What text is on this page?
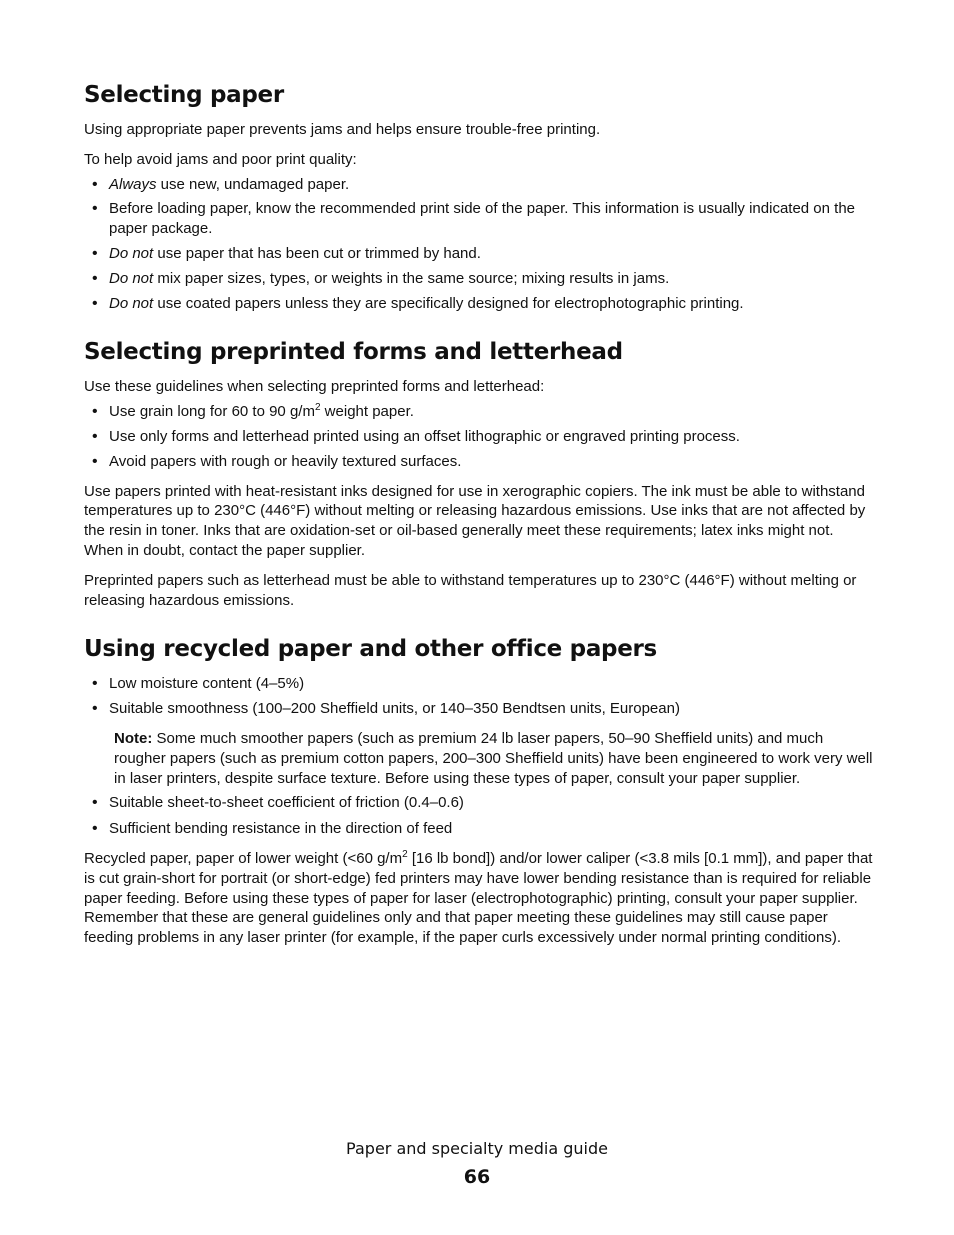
Selecting paper

Using appropriate paper prevents jams and helps ensure trouble-free printing.

To help avoid jams and poor print quality:

• Always use new, undamaged paper.
• Before loading paper, know the recommended print side of the paper. This information is usually indicated on the paper package.
• Do not use paper that has been cut or trimmed by hand.
• Do not mix paper sizes, types, or weights in the same source; mixing results in jams.
• Do not use coated papers unless they are specifically designed for electrophotographic printing.
Selecting preprinted forms and letterhead

Use these guidelines when selecting preprinted forms and letterhead:

• Use grain long for 60 to 90 $g/m^2$ weight paper.
• Use only forms and letterhead printed using an offset lithographic or engraved printing process.
• Avoid papers with rough or heavily textured surfaces.

Use papers printed with heat-resistant inks designed for use in xerographic copiers. The ink must be able to withstand temperatures up to 230°C (446°F) without melting or releasing hazardous emissions. Use inks that are not affected by the resin in toner. Inks that are oxidation-set or oil-based generally meet these requirements; latex inks might not. When in doubt, contact the paper supplier.

Preprinted papers such as letterhead must be able to withstand temperatures up to 230°C (446°F) without melting or releasing hazardous emissions.

Using recycled paper and other office papers
• Low moisture content (4–5%)
• Suitable smoothness (100–200 Sheffield units, or 140–350 Bendtsen units, European)

Note: Some much smoother papers (such as premium 24 lb laser papers, 50–90 Sheffield units) and much rougher papers (such as premium cotton papers, 200–300 Sheffield units) have been engineered to work very well in laser printers, despite surface texture. Before using these types of paper, consult your paper supplier.

• Suitable sheet-to-sheet coefficient of friction (0.4–0.6)
• Sufficient bending resistance in the direction of feed

Recycled paper, paper of lower weight (<60 $g/m^2$ [16 lb bond]) and/or lower caliper (<3.8 mils [0.1 mm]), and paper that is cut grain-short for portrait (or short-edge) fed printers may have lower bending resistance than is required for reliable paper feeding. Before using these types of paper for laser (electrophotographic) printing, consult your paper supplier. Remember that these are general guidelines only and that paper meeting these guidelines may still cause paper feeding problems in any laser printer (for example, if the paper curls excessively under normal printing conditions).

Paper and specialty media guide
66
